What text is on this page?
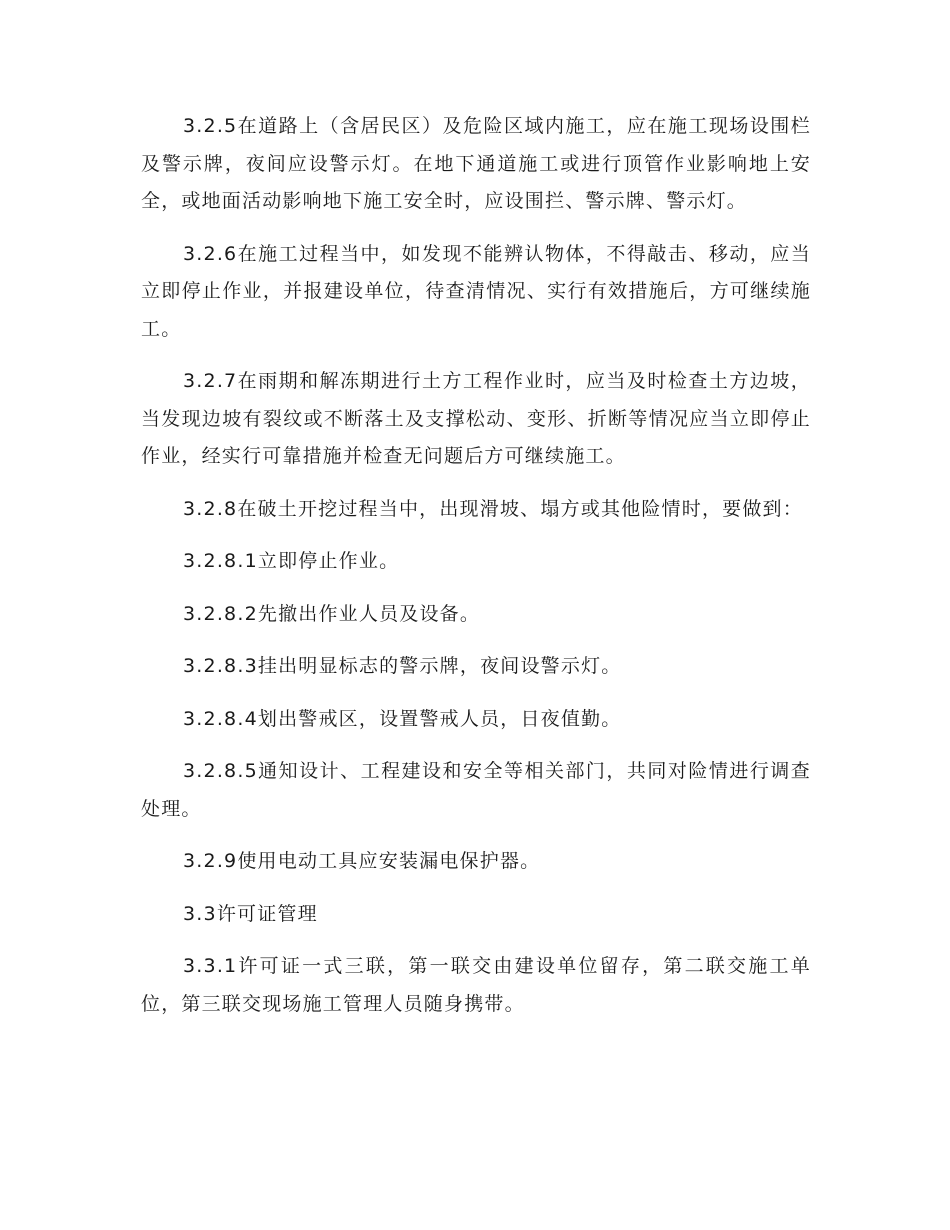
3.2.5在道路上（含居民区）及危险区域内施工，应在施工现场设围栏及警示牌，夜间应设警示灯。在地下通道施工或进行顶管作业影响地上安全，或地面活动影响地下施工安全时，应设围拦、警示牌、警示灯。

3.2.6在施工过程当中，如发现不能辨认物体，不得敲击、移动，应当立即停止作业，并报建设单位，待查清情况、实行有效措施后，方可继续施工。

3.2.7在雨期和解冻期进行土方工程作业时，应当及时检查土方边坡，当发现边坡有裂纹或不断落土及支撑松动、变形、折断等情况应当立即停止作业，经实行可靠措施并检查无问题后方可继续施工。

3.2.8在破土开挖过程当中，出现滑坡、塌方或其他险情时，要做到：

3.2.8.1立即停止作业。

3.2.8.2先撤出作业人员及设备。

3.2.8.3挂出明显标志的警示牌，夜间设警示灯。

3.2.8.4划出警戒区，设置警戒人员，日夜值勤。

3.2.8.5通知设计、工程建设和安全等相关部门，共同对险情进行调查处理。

3.2.9使用电动工具应安装漏电保护器。

3.3许可证管理

3.3.1许可证一式三联，第一联交由建设单位留存，第二联交施工单位，第三联交现场施工管理人员随身携带。
